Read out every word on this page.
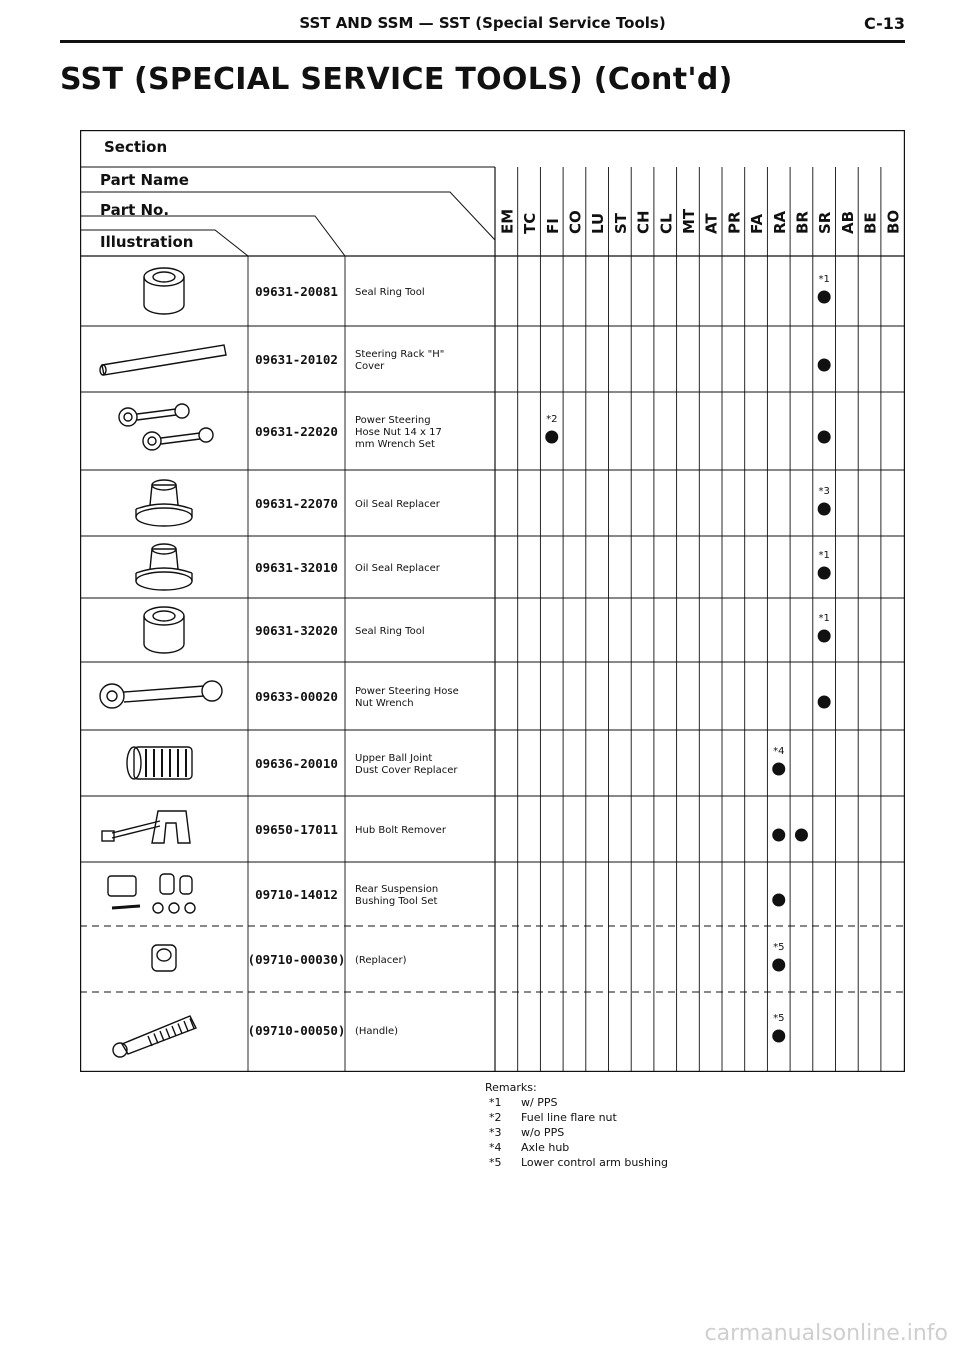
SST AND SSM — SST (Special Service Tools)	C-13
SST (SPECIAL SERVICE TOOLS) (Cont'd)
Section
Part Name
Part No.
Illustration
EM TC FI CO LU ST CH CL MT AT PR FA RA BR SR AB BE BO
09631-20081 Seal Ring Tool
*1
09631-20102 Steering Rack "H"
Cover
09631-22020
Power Steering
Hose Nut 14 x 17
mm Wrench Set
*2
09631-22070 Oil Seal Replacer
*3
09631-32010 Oil Seal Replacer
*1
90631-32020 Seal Ring Tool
*1
09633-00020 Power Steering Hose
Nut Wrench
09636-20010 Upper Ball Joint
Dust Cover Replacer
*4
09650-17011 Hub Bolt Remover
09710-14012 Rear Suspension
Bushing Tool Set
(09710-00030) (Replacer)
*5
(09710-00050) (Handle)
*5
Remarks:
*1 w/ PPS
*2 Fuel line flare nut
*3 w/o PPS
*4 Axle hub
*5 Lower control arm bushing
carmanualsonline.info
